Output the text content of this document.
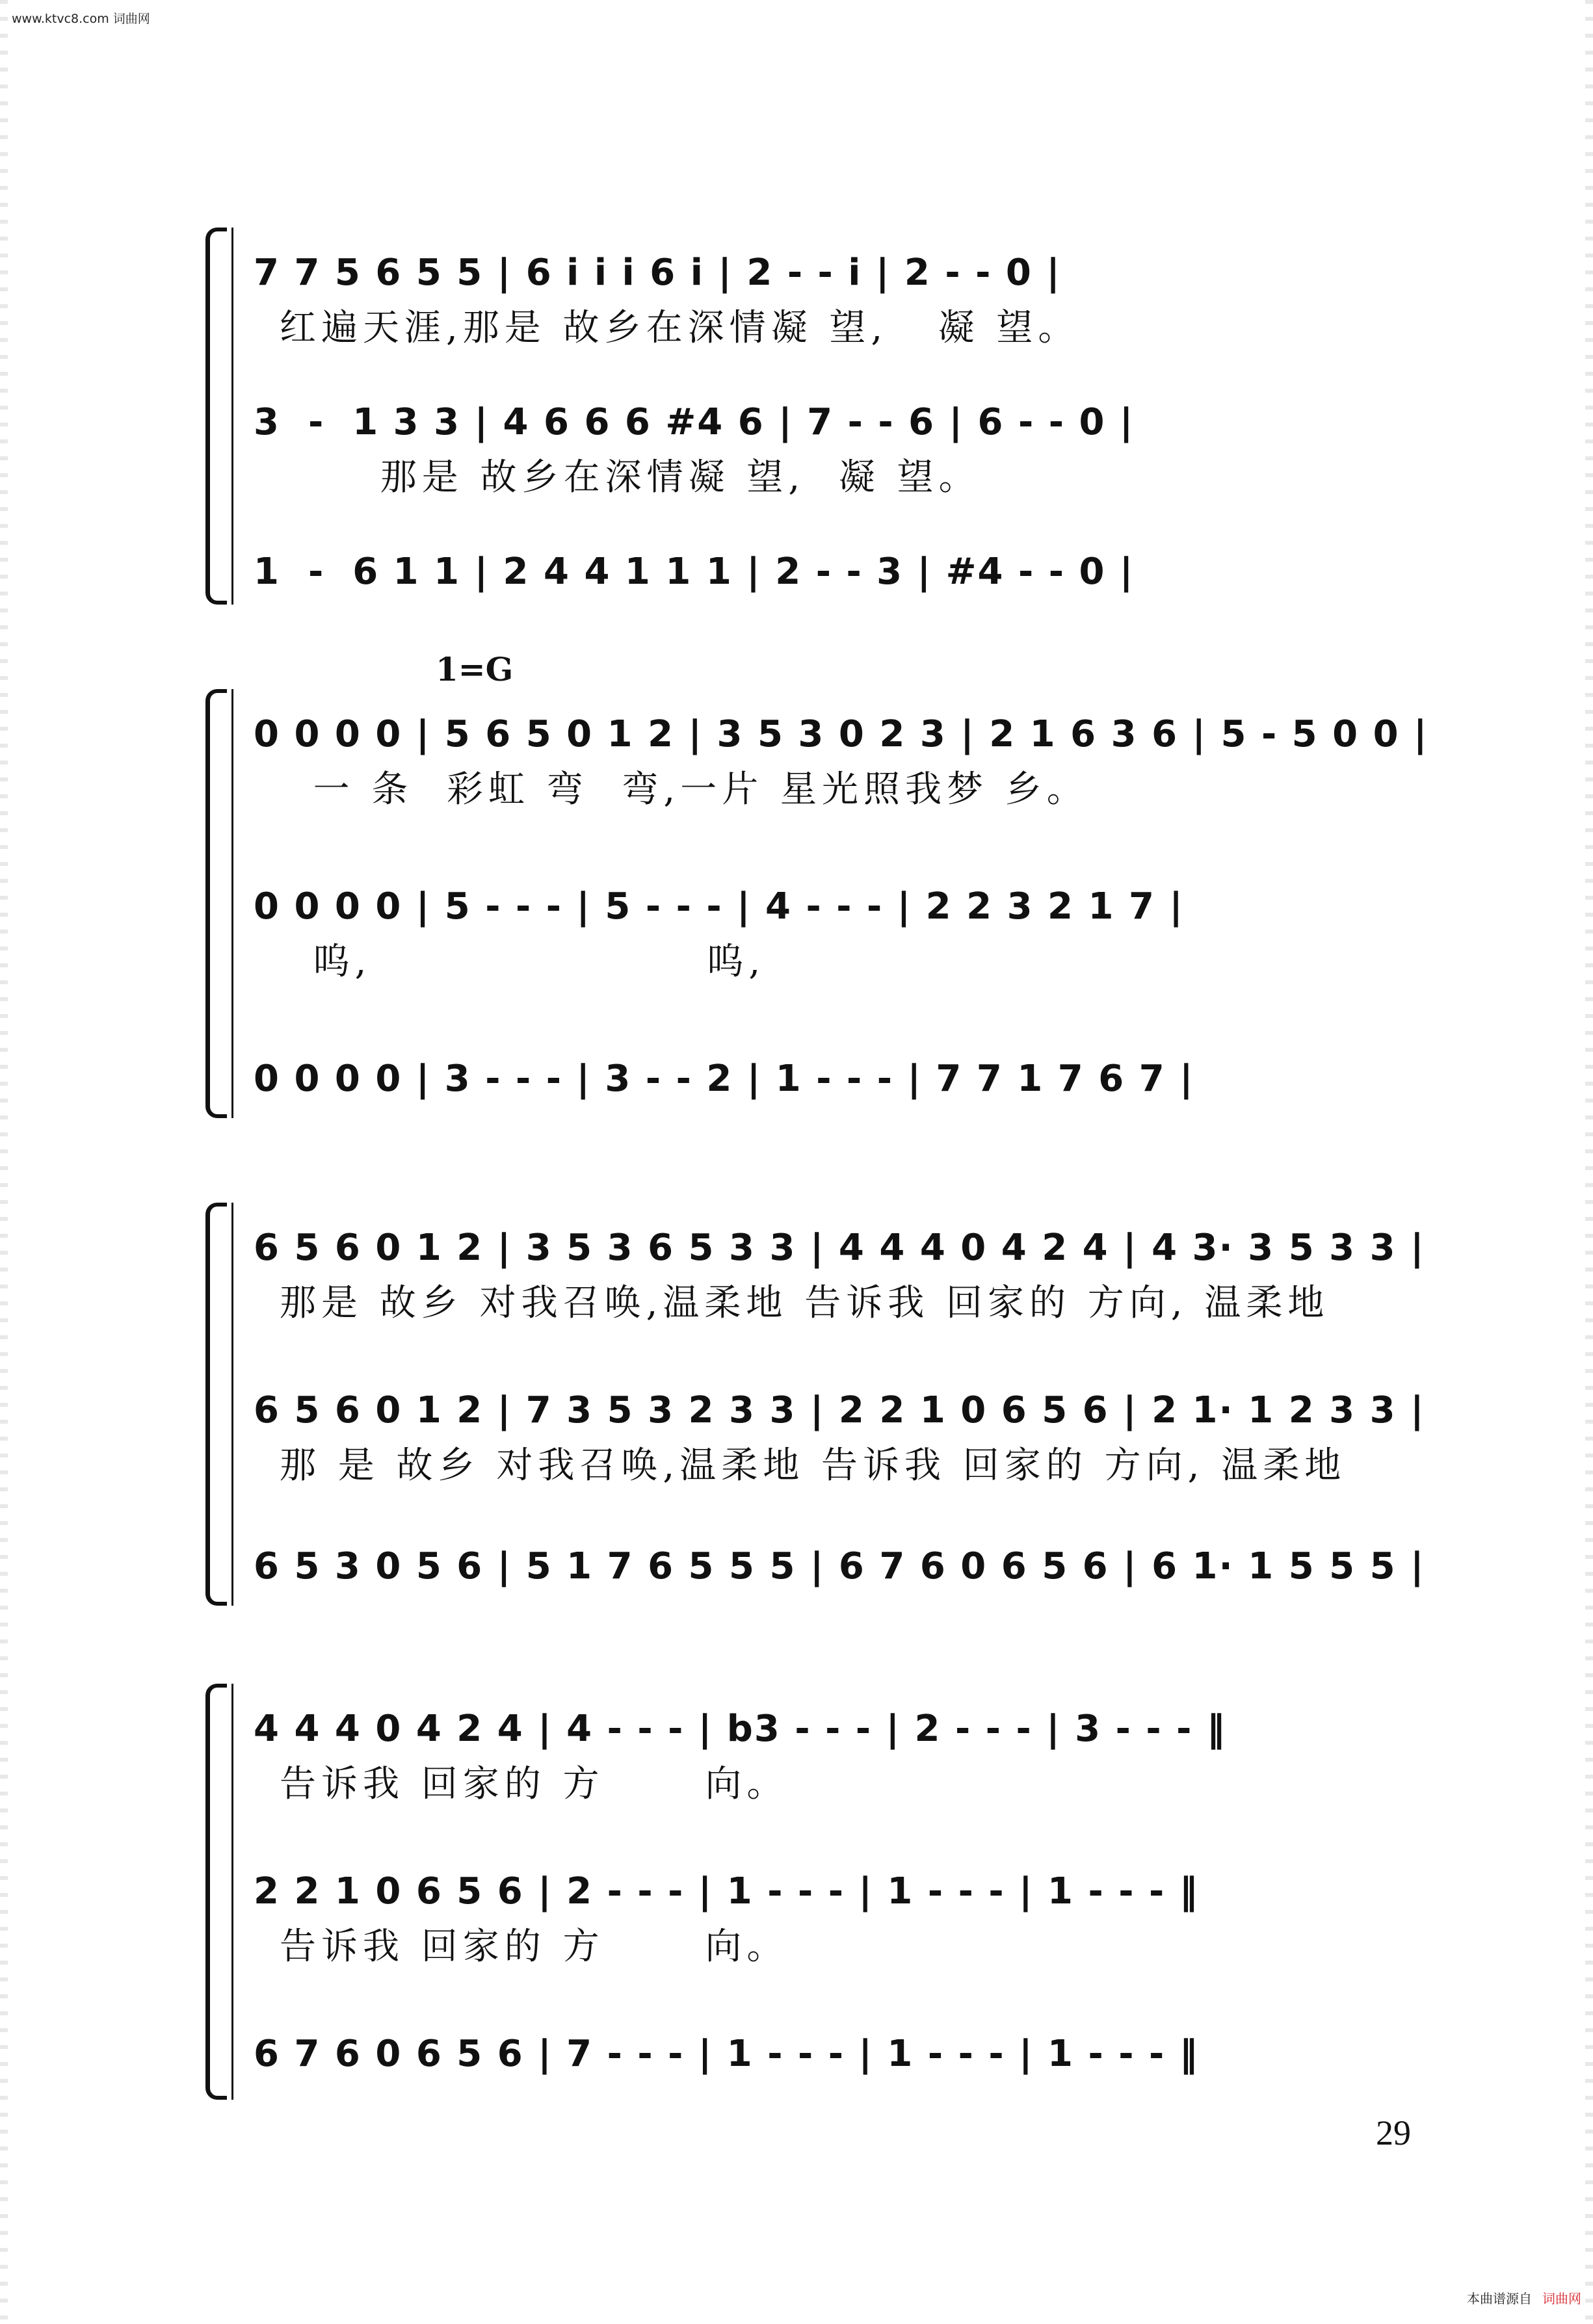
www.ktvc8.com 词曲网
7 7 5 6 5 5 | 6 i i i 6 i | 2 - - i | 2 - - 0 |
红遍天涯,那是 故乡在深情凝 望,   凝 望。
3  -  1 3 3 | 4 6 6 6 #4 6 | 7 - - 6 | 6 - - 0 |
那是 故乡在深情凝 望,  凝 望。
1  -  6 1 1 | 2 4 4 1 1 1 | 2 - - 3 | #4 - - 0 |
1=G
0 0 0 0 | 5 6 5 0 1 2 | 3 5 3 0 2 3 | 2 1 6 3 6 | 5 - 5 0 0 |
一 条  彩虹 弯  弯,一片 星光照我梦 乡。
0 0 0 0 | 5 - - - | 5 - - - | 4 - - - | 2 2 3 2 1 7 |
呜,                    呜,
0 0 0 0 | 3 - - - | 3 - - 2 | 1 - - - | 7 7 1 7 6 7 |
6 5 6 0 1 2 | 3 5 3 6 5 3 3 | 4 4 4 0 4 2 4 | 4 3· 3 5 3 3 |
那是 故乡 对我召唤,温柔地 告诉我 回家的 方向, 温柔地
6 5 6 0 1 2 | 7 3 5 3 2 3 3 | 2 2 1 0 6 5 6 | 2 1· 1 2 3 3 |
那 是 故乡 对我召唤,温柔地 告诉我 回家的 方向, 温柔地
6 5 3 0 5 6 | 5 1 7 6 5 5 5 | 6 7 6 0 6 5 6 | 6 1· 1 5 5 5 |
4 4 4 0 4 2 4 | 4 - - - | b3 - - - | 2 - - - | 3 - - - ‖
告诉我 回家的 方      向。
2 2 1 0 6 5 6 | 2 - - - | 1 - - - | 1 - - - | 1 - - - ‖
告诉我 回家的 方      向。
6 7 6 0 6 5 6 | 7 - - - | 1 - - - | 1 - - - | 1 - - - ‖
29
本曲谱源自 词曲网
